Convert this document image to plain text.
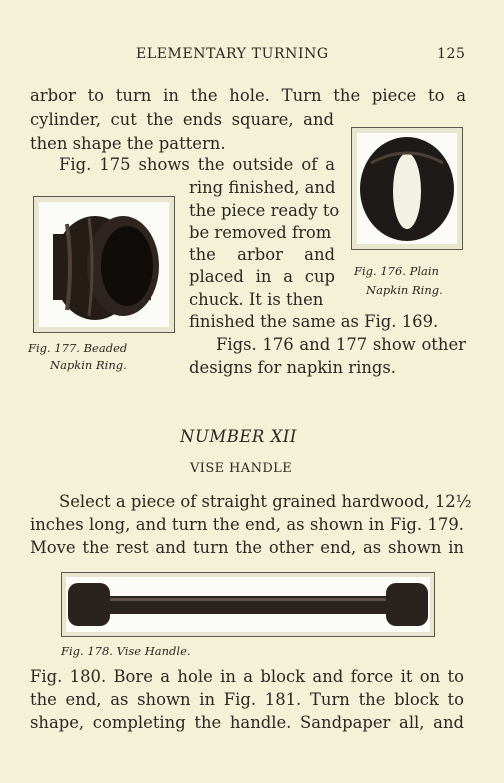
ELEMENTARY TURNING	125
arbor to turn in the hole. Turn the piece to a
cylinder, cut the ends square, and
then shape the pattern.
Fig. 175 shows the outside of a
ring finished, and
the piece ready to
be removed from
the arbor and
placed in a cup
chuck. It is then
finished the same as Fig. 169.
Figs. 176 and 177 show other
designs for napkin rings.
Fig. 176. Plain
Napkin Ring.
Fig. 177. Beaded
Napkin Ring.
NUMBER XII
VISE HANDLE
Select a piece of straight grained hardwood, 12½
inches long, and turn the end, as shown in Fig. 179.
Move the rest and turn the other end, as shown in
Fig. 178. Vise Handle.
Fig. 180. Bore a hole in a block and force it on to
the end, as shown in Fig. 181. Turn the block to
shape, completing the handle. Sandpaper all, and
